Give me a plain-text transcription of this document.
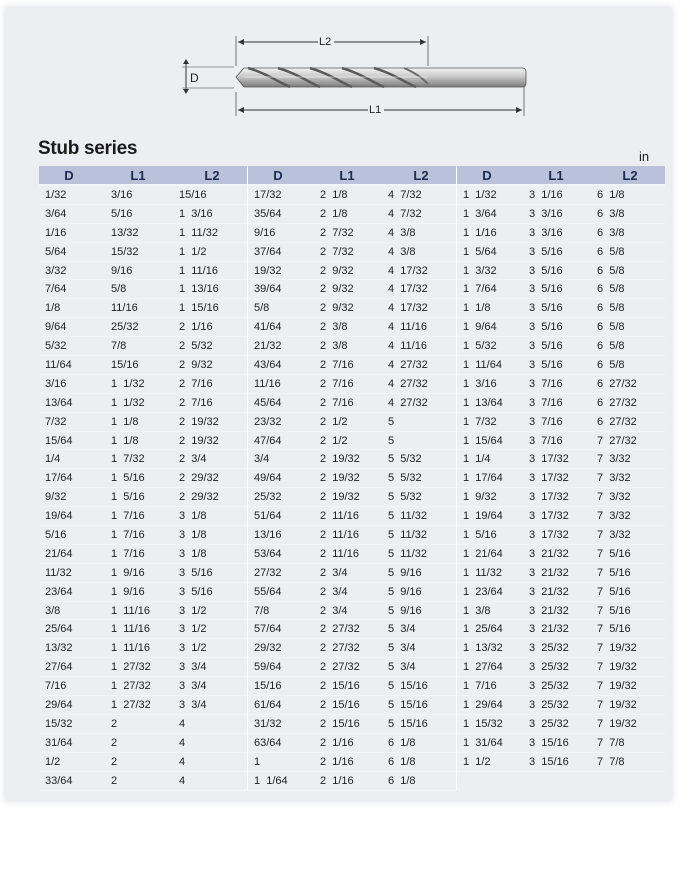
D
L2
L1
Stub series	in
D	L1	L2
1/32	3/16	15/16
3/64	5/16	1  3/16
1/16	13/32	1  11/32
5/64	15/32	1  1/2
3/32	9/16	1  11/16
7/64	5/8	1  13/16
1/8	11/16	1  15/16
9/64	25/32	2  1/16
5/32	7/8	2  5/32
11/64	15/16	2  9/32
3/16	1  1/32	2  7/16
13/64	1  1/32	2  7/16
7/32	1  1/8	2  19/32
15/64	1  1/8	2  19/32
1/4	1  7/32	2  3/4
17/64	1  5/16	2  29/32
9/32	1  5/16	2  29/32
19/64	1  7/16	3  1/8
5/16	1  7/16	3  1/8
21/64	1  7/16	3  1/8
11/32	1  9/16	3  5/16
23/64	1  9/16	3  5/16
3/8	1  11/16	3  1/2
25/64	1  11/16	3  1/2
13/32	1  11/16	3  1/2
27/64	1  27/32	3  3/4
7/16	1  27/32	3  3/4
29/64	1  27/32	3  3/4
15/32	2	4
31/64	2	4
1/2	2	4
33/64	2	4
D	L1	L2
17/32	2  1/8	4  7/32
35/64	2  1/8	4  7/32
9/16	2  7/32	4  3/8
37/64	2  7/32	4  3/8
19/32	2  9/32	4  17/32
39/64	2  9/32	4  17/32
5/8	2  9/32	4  17/32
41/64	2  3/8	4  11/16
21/32	2  3/8	4  11/16
43/64	2  7/16	4  27/32
11/16	2  7/16	4  27/32
45/64	2  7/16	4  27/32
23/32	2  1/2	5
47/64	2  1/2	5
3/4	2  19/32	5  5/32
49/64	2  19/32	5  5/32
25/32	2  19/32	5  5/32
51/64	2  11/16	5  11/32
13/16	2  11/16	5  11/32
53/64	2  11/16	5  11/32
27/32	2  3/4	5  9/16
55/64	2  3/4	5  9/16
7/8	2  3/4	5  9/16
57/64	2  27/32	5  3/4
29/32	2  27/32	5  3/4
59/64	2  27/32	5  3/4
15/16	2  15/16	5  15/16
61/64	2  15/16	5  15/16
31/32	2  15/16	5  15/16
63/64	2  1/16	6  1/8
1	2  1/16	6  1/8
1  1/64	2  1/16	6  1/8
D	L1	L2
1  1/32	3  1/16	6  1/8
1  3/64	3  3/16	6  3/8
1  1/16	3  3/16	6  3/8
1  5/64	3  5/16	6  5/8
1  3/32	3  5/16	6  5/8
1  7/64	3  5/16	6  5/8
1  1/8	3  5/16	6  5/8
1  9/64	3  5/16	6  5/8
1  5/32	3  5/16	6  5/8
1  11/64	3  5/16	6  5/8
1  3/16	3  7/16	6  27/32
1  13/64	3  7/16	6  27/32
1  7/32	3  7/16	6  27/32
1  15/64	3  7/16	7  27/32
1  1/4	3  17/32	7  3/32
1  17/64	3  17/32	7  3/32
1  9/32	3  17/32	7  3/32
1  19/64	3  17/32	7  3/32
1  5/16	3  17/32	7  3/32
1  21/64	3  21/32	7  5/16
1  11/32	3  21/32	7  5/16
1  23/64	3  21/32	7  5/16
1  3/8	3  21/32	7  5/16
1  25/64	3  21/32	7  5/16
1  13/32	3  25/32	7  19/32
1  27/64	3  25/32	7  19/32
1  7/16	3  25/32	7  19/32
1  29/64	3  25/32	7  19/32
1  15/32	3  25/32	7  19/32
1  31/64	3  15/16	7  7/8
1  1/2	3  15/16	7  7/8
